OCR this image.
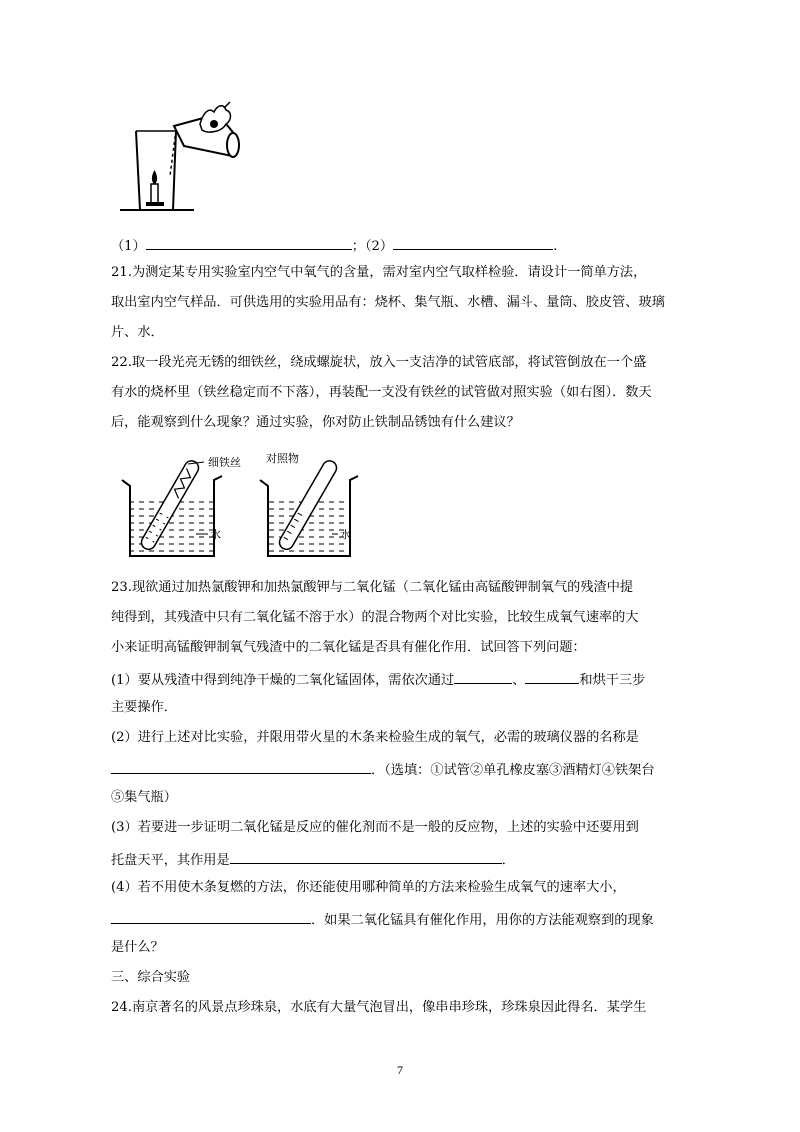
（1）	；（2）	.
21.为测定某专用实验室内空气中氧气的含量，需对室内空气取样检验．请设计一简单方法，
取出室内空气样品．可供选用的实验用品有：烧杯、集气瓶、水槽、漏斗、量筒、胶皮管、玻璃
片、水．
22.取一段光亮无锈的细铁丝，绕成螺旋状，放入一支洁净的试管底部，将试管倒放在一个盛
有水的烧杯里（铁丝稳定而不下落），再装配一支没有铁丝的试管做对照实验（如右图）．数天
后，能观察到什么现象？通过实验，你对防止铁制品锈蚀有什么建议？
细铁丝
水
对照物
水
23.现欲通过加热氯酸钾和加热氯酸钾与二氧化锰（二氧化锰由高锰酸钾制氧气的残渣中提
纯得到，其残渣中只有二氧化锰不溶于水）的混合物两个对比实验，比较生成氧气速率的大
小来证明高锰酸钾制氧气残渣中的二氧化锰是否具有催化作用．试回答下列问题：
(1）要从残渣中得到纯净干燥的二氧化锰固体，需依次通过	、	和烘干三步
主要操作．
(2）进行上述对比实验，并限用带火星的木条来检验生成的氧气，必需的玻璃仪器的名称是
．（选填：①试管②单孔橡皮塞③酒精灯④铁架台
⑤集气瓶）
(3）若要进一步证明二氧化锰是反应的催化剂而不是一般的反应物，上述的实验中还要用到
托盘天平，其作用是	．
(4）若不用使木条复燃的方法，你还能使用哪种简单的方法来检验生成氧气的速率大小，
．如果二氧化锰具有催化作用，用你的方法能观察到的现象
是什么？
三、综合实验
24.南京著名的风景点珍珠泉，水底有大量气泡冒出，像串串珍珠，珍珠泉因此得名．某学生
7
